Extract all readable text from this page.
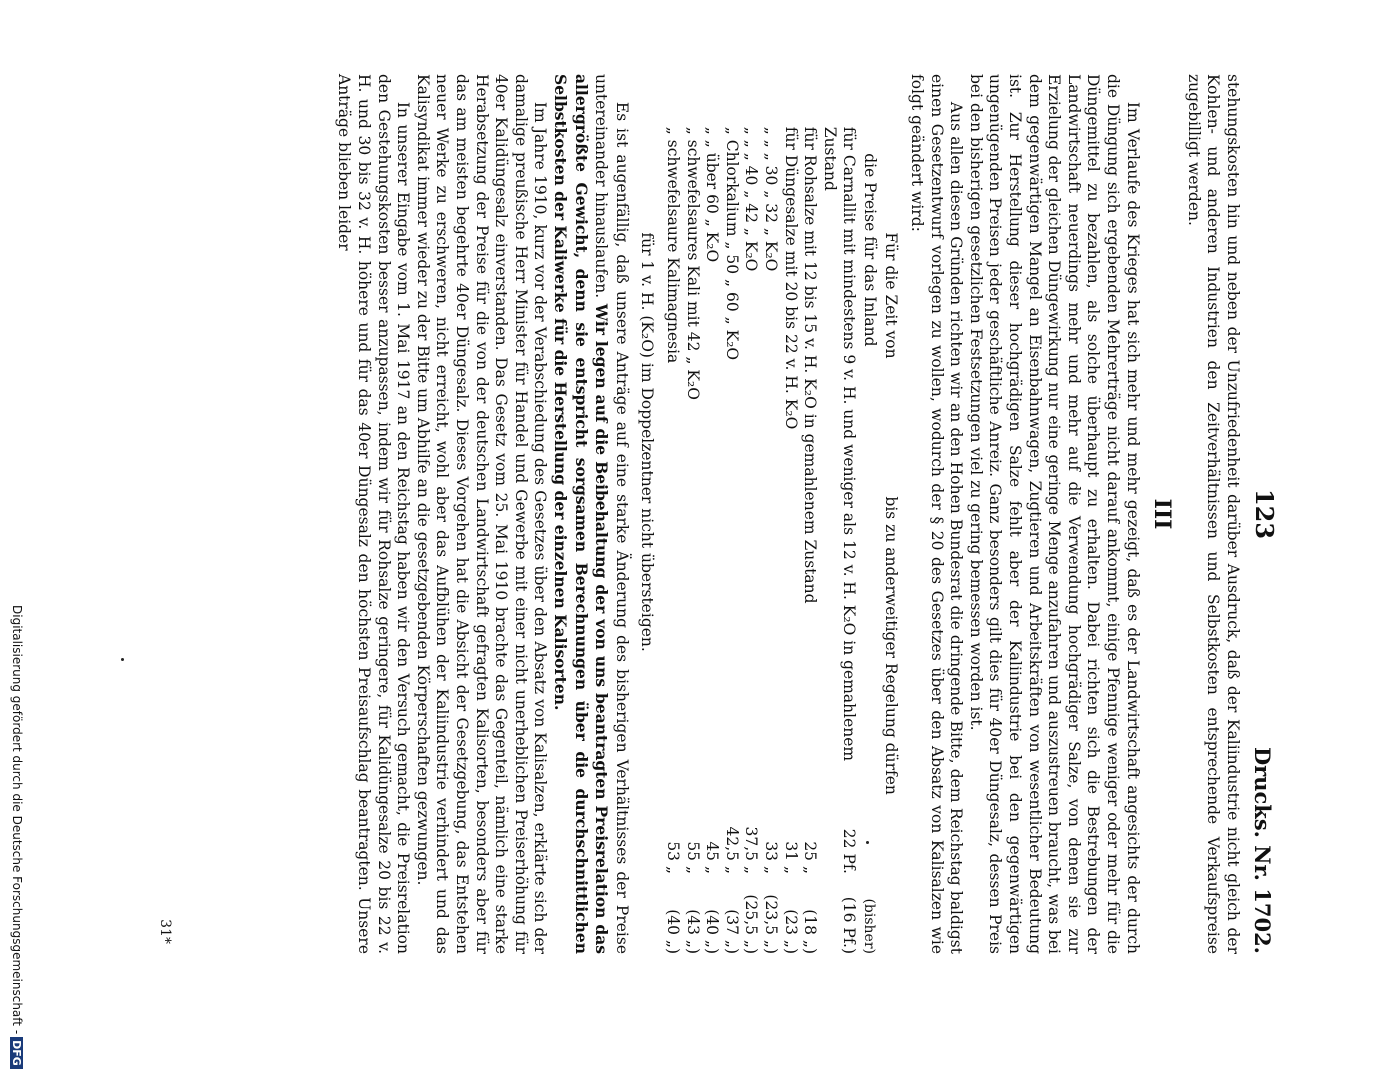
123
Drucks. Nr. 1702.

stehungskosten hin und neben der Unzufriedenheit darüber Ausdruck, daß der Kaliindustrie nicht gleich der Kohlen- und anderen Industrien den Zeitverhältnissen und Selbstkosten entsprechende Verkaufspreise zugebilligt werden.

III

Im Verlaufe des Krieges hat sich mehr und mehr gezeigt, daß es der Landwirtschaft angesichts der durch die Düngung sich ergebenden Mehrerträge nicht darauf ankommt, einige Pfennige weniger oder mehr für die Düngemittel zu bezahlen, als solche überhaupt zu erhalten. Dabei richten sich die Bestrebungen der Landwirtschaft neuerdings mehr und mehr auf die Verwendung hochgrädiger Salze, von denen sie zur Erzielung der gleichen Düngewirkung nur eine geringe Menge anzufahren und auszustreuen braucht, was bei dem gegenwärtigen Mangel an Eisenbahnwagen, Zugtieren und Arbeitskräften von wesentlicher Bedeutung ist. Zur Herstellung dieser hochgrädigen Salze fehlt aber der Kaliindustrie bei den gegenwärtigen ungenügenden Preisen jeder geschäftliche Anreiz. Ganz besonders gilt dies für 40er Düngesalz, dessen Preis bei den bisherigen gesetzlichen Festsetzungen viel zu gering bemessen worden ist.

Aus allen diesen Gründen richten wir an den Hohen Bundesrat die dringende Bitte, dem Reichstag baldigst einen Gesetzentwurf vorlegen zu wollen, wodurch der § 20 des Gesetzes über den Absatz von Kalisalzen wie folgt geändert wird:

Für die Zeit von
bis zu anderweitiger Regelung dürfen
die Preise für das Inland
(bisher)
für Carnallit mit mindestens 9 v. H. und weniger als 12 v. H. K₂O in gemahlenem Zustand
22 Pf.
(16 Pf.)
für Rohsalze mit 12 bis 15 v. H. K₂O in gemahlenem Zustand
25 „
(18 „)
für Düngesalze mit 20 bis 22 v. H. K₂O
31 „
(23 „)
„ „ „ 30 „ 32 „ K₂O
33 „
(23,5 „)
„ „ „ 40 „ 42 „ K₂O
37,5 „
(25,5 „)
„ Chlorkalium „ 50 „ 60 „ K₂O
42,5 „
(37 „)
„ „ über 60 „ K₂O
45 „
(40 „)
„ schwefelsaures Kali mit 42 „ K₂O
55 „
(43 „)
„ schwefelsaure Kalimagnesia
53 „
(40 „)
für 1 v. H. (K₂O) im Doppelzentner nicht übersteigen.

Es ist augenfällig, daß unsere Anträge auf eine starke Änderung des bisherigen Verhältnisses der Preise untereinander hinauslaufen. Wir legen auf die Beibehaltung der von uns beantragten Preisrelation das allergrößte Gewicht, denn sie entspricht sorgsamen Berechnungen über die durchschnittlichen Selbstkosten der Kaliwerke für die Herstellung der einzelnen Kalisorten.

Im Jahre 1910, kurz vor der Verabschiedung des Gesetzes über den Absatz von Kalisalzen, erklärte sich der damalige preußische Herr Minister für Handel und Gewerbe mit einer nicht unerheblichen Preiserhöhung für 40er Kalidüngesalz einverstanden. Das Gesetz vom 25. Mai 1910 brachte das Gegenteil, nämlich eine starke Herabsetzung der Preise für die von der deutschen Landwirtschaft gefragten Kalisorten, besonders aber für das am meisten begehrte 40er Düngesalz. Dieses Vorgehen hat die Absicht der Gesetzgebung, das Entstehen neuer Werke zu erschweren, nicht erreicht, wohl aber das Aufblühen der Kaliindustrie verhindert und das Kalisyndikat immer wieder zu der Bitte um Abhilfe an die gesetzgebenden Körperschaften gezwungen.

In unserer Eingabe vom 1. Mai 1917 an den Reichstag haben wir den Versuch gemacht, die Preisrelation den Gestehungskosten besser anzupassen, indem wir für Rohsalze geringere, für Kalidüngesalze 20 bis 22 v. H. und 30 bis 32 v. H. höhere und für das 40er Düngesalz den höchsten Preisaufschlag beantragten. Unsere Anträge blieben leider

31*
Digitalisierung gefördert durch die Deutsche Forschungsgemeinschaft -DFG
